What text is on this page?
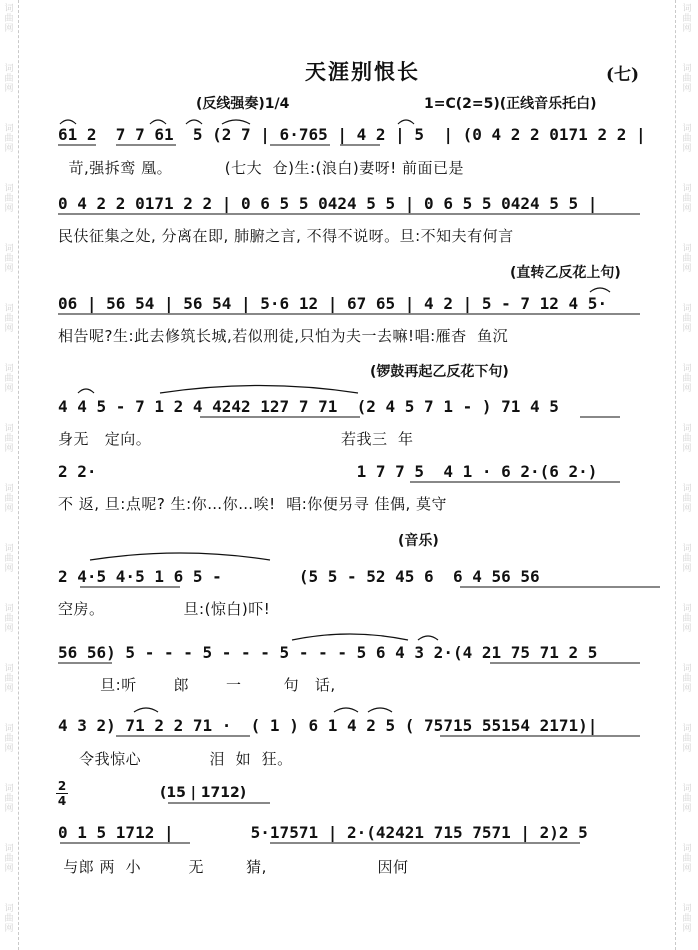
词
曲
网
词
曲
网
词
曲
网
词
曲
网
词
曲
网
词
曲
网
词
曲
网
词
曲
网
词
曲
网
词
曲
网
词
曲
网
词
曲
网
词
曲
网
词
曲
网
词
曲
网
词
曲
网
词
曲
网
词
曲
网
词
曲
网
词
曲
网
词
曲
网
词
曲
网
词
曲
网
词
曲
网
词
曲
网
词
曲
网
词
曲
网
词
曲
网
词
曲
网
词
曲
网
词
曲
网
词
曲
网
天涯别恨长	(七)
(反线强奏)1/4	1=C(2=5)(正线音乐托白)
61 2  7 7 61  5 (2 7 | 6·765 | 4 2 | 5  | (0 4 2 2 0171 2 2 |
苛,强拆鸾 凰。          (七大  仓)生:(浪白)妻呀! 前面已是
0 4 2 2 0171 2 2 | 0 6 5 5 0424 5 5 | 0 6 5 5 0424 5 5 |
民伕征集之处, 分离在即, 肺腑之言, 不得不说呀。旦:不知夫有何言
(直转乙反花上句)
06 | 56 54 | 56 54 | 5·6 12 | 67 65 | 4 2 | 5 - 7 12 4 5·
相告呢?生:此去修筑长城,若似刑徒,只怕为夫一去嘛!唱:雁杳  鱼沉
(锣鼓再起乙反花下句)
4 4 5 - 7 1 2 4 4242 127 7 71  (2 4 5 7 1 - ) 71 4 5
身无   定向。                                    若我三  年
2 2·                           1 7 7 5  4 1 · 6 2·(6 2·)
不 返, 旦:点呢? 生:你…你…唉!  唱:你便另寻 佳偶, 莫守
(音乐)
2 4·5 4·5 1 6 5 -        (5 5 - 52 45 6  6 4 56 56
空房。               旦:(惊白)吓!
56 56) 5 - - - 5 - - - 5 - - - 5 6 4 3 2·(4 21 75 71 2 5
旦:听       郎       一        句   话,
4 3 2) 71 2 2 71 ·  ( 1 ) 6 1 4 2 5 ( 75715 55154 2171)|
令我惊心             泪  如  狂。
2
4	(15 | 1712)
0 1 5 1712 |        5·17571 | 2·(42421 715 7571 | 2)2 5
与郎 两  小         无        猜,                     因何
